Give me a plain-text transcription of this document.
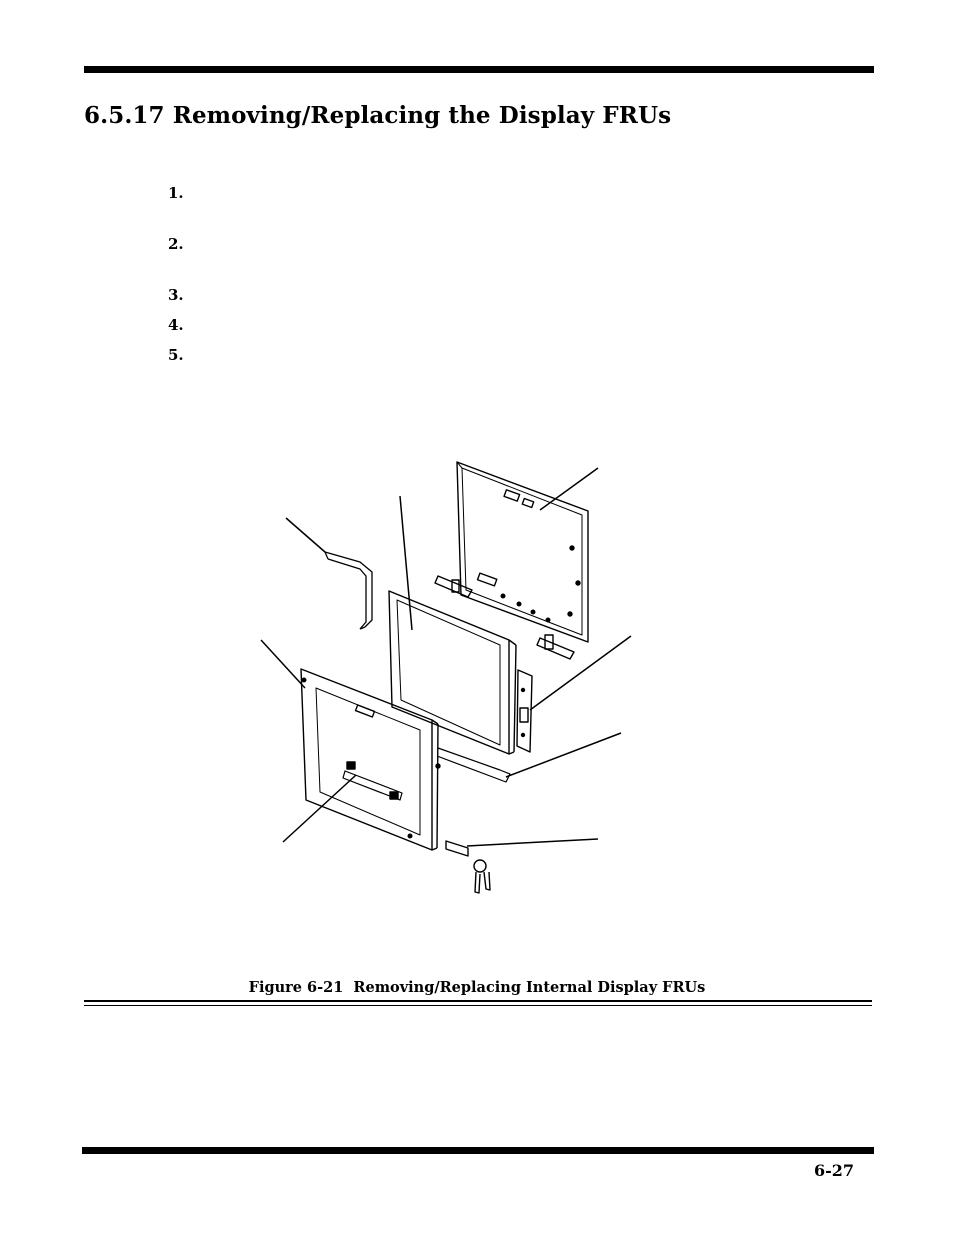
6.5.17 Removing/Replacing the Display FRUs
1.
2.
3.
4.
5.
Figure 6-21  Removing/Replacing Internal Display FRUs
6-27
